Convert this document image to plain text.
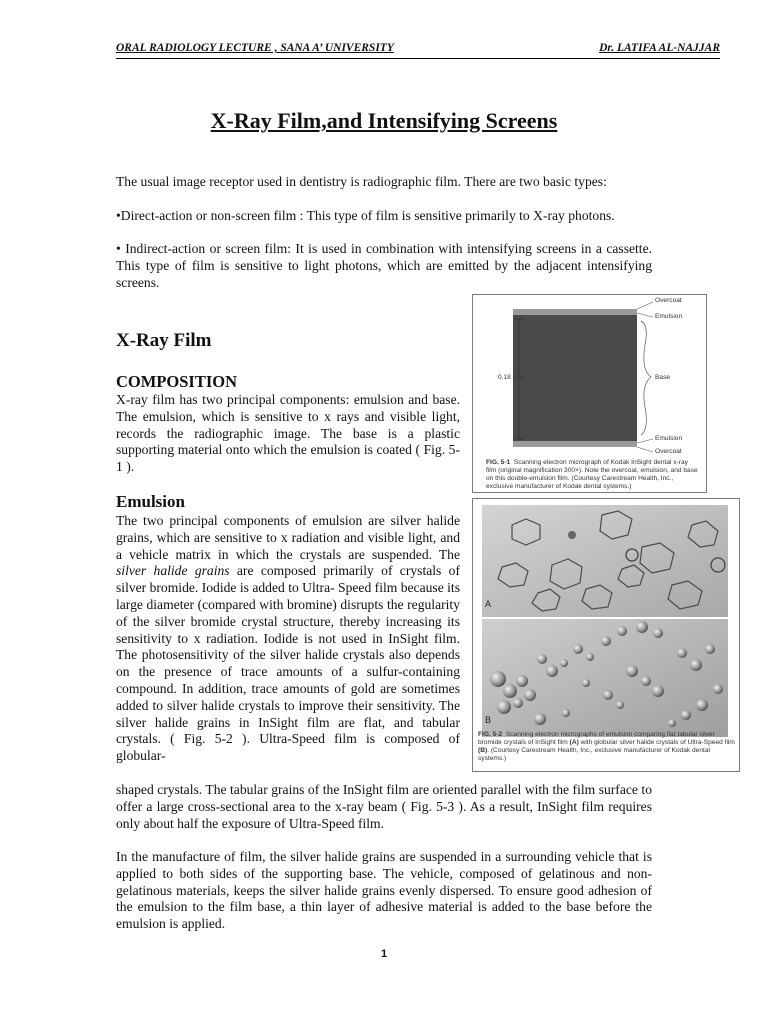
ORAL RADIOLOGY LECTURE , SANA A’ UNIVERSITY	Dr. LATIFA AL-NAJJAR
X-Ray Film,and Intensifying Screens
The usual image receptor used in dentistry is radiographic film. There are two basic types:
•Direct-action or non-screen film : This type of film is sensitive primarily to X-ray photons.
• Indirect-action or screen film: It is used in combination with intensifying screens in a cassette. This type of film is sensitive to light photons, which are emitted by the adjacent intensifying screens.
X-Ray Film
COMPOSITION
X-ray film has two principal components: emulsion and base. The emulsion, which is sensitive to x rays and visible light, records the radiographic image. The base is a plastic supporting material onto which the emulsion is coated ( Fig. 5-1 ).
Emulsion
The two principal components of emulsion are silver halide grains, which are sensitive to x radiation and visible light, and a vehicle matrix in which the crystals are suspended. The silver halide grains are composed primarily of crystals of silver bromide. Iodide is added to Ultra- Speed film because its large diameter (compared with bromine) disrupts the regularity of the silver bromide crystal structure, thereby increasing its sensitivity to x radiation. Iodide is not used in InSight film. The photosensitivity of the silver halide crystals also depends on the presence of trace amounts of a sulfur-containing compound. In addition, trace amounts of gold are sometimes added to silver halide crystals to improve their sensitivity. The silver halide grains in InSight film are flat, and tabular crystals. ( Fig. 5-2 ). Ultra-Speed film is composed of globular-
shaped crystals. The tabular grains of the InSight film are oriented parallel with the film surface to offer a large cross-sectional area to the x-ray beam ( Fig. 5-3 ). As a result, InSight film requires only about half the exposure of Ultra-Speed film.
In the manufacture of film, the silver halide grains are suspended in a surrounding vehicle that is applied to both sides of the supporting base. The vehicle, composed of gelatinous and non-gelatinous materials, keeps the silver halide grains evenly dispersed. To ensure good adhesion of the emulsion to the film base, a thin layer of adhesive material is added to the base before the emulsion is applied.
Overcoat
Emulsion
0.18 mm	Base
Emulsion
Overcoat
FIG. 5-1 Scanning electron micrograph of Kodak InSight dental x-ray film (original magnification 300×). Note the overcoat, emulsion, and base on this double-emulsion film. (Courtesy Carestream Health, Inc., exclusive manufacturer of Kodak dental systems.)
A
B
FIG. 5-2 Scanning electron micrographs of emulsion comparing flat tabular silver bromide crystals of InSight film (A) with globular silver halide crystals of Ultra-Speed film (B). (Courtesy Carestream Health, Inc., exclusive manufacturer of Kodak dental systems.)
1
